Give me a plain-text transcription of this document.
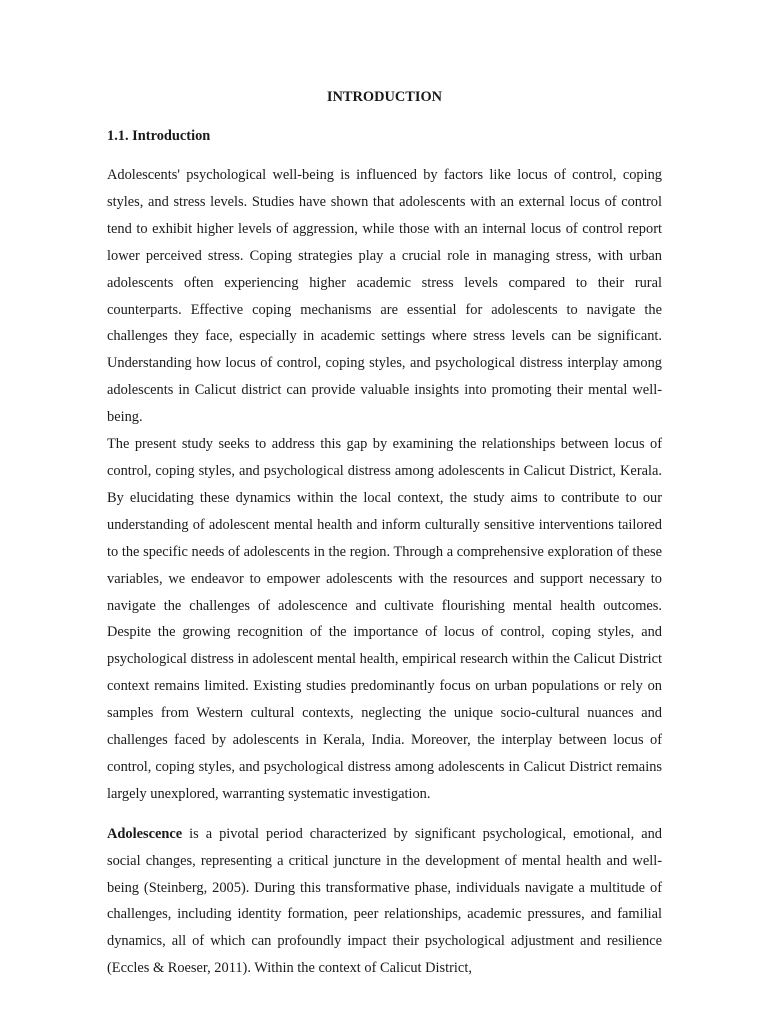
INTRODUCTION
1.1. Introduction

Adolescents' psychological well-being is influenced by factors like locus of control, coping styles, and stress levels. Studies have shown that adolescents with an external locus of control tend to exhibit higher levels of aggression, while those with an internal locus of control report lower perceived stress. Coping strategies play a crucial role in managing stress, with urban adolescents often experiencing higher academic stress levels compared to their rural counterparts. Effective coping mechanisms are essential for adolescents to navigate the challenges they face, especially in academic settings where stress levels can be significant. Understanding how locus of control, coping styles, and psychological distress interplay among adolescents in Calicut district can provide valuable insights into promoting their mental well-being.

The present study seeks to address this gap by examining the relationships between locus of control, coping styles, and psychological distress among adolescents in Calicut District, Kerala. By elucidating these dynamics within the local context, the study aims to contribute to our understanding of adolescent mental health and inform culturally sensitive interventions tailored to the specific needs of adolescents in the region. Through a comprehensive exploration of these variables, we endeavor to empower adolescents with the resources and support necessary to navigate the challenges of adolescence and cultivate flourishing mental health outcomes. Despite the growing recognition of the importance of locus of control, coping styles, and psychological distress in adolescent mental health, empirical research within the Calicut District context remains limited. Existing studies predominantly focus on urban populations or rely on samples from Western cultural contexts, neglecting the unique socio-cultural nuances and challenges faced by adolescents in Kerala, India. Moreover, the interplay between locus of control, coping styles, and psychological distress among adolescents in Calicut District remains largely unexplored, warranting systematic investigation.

Adolescence is a pivotal period characterized by significant psychological, emotional, and social changes, representing a critical juncture in the development of mental health and well-being (Steinberg, 2005). During this transformative phase, individuals navigate a multitude of challenges, including identity formation, peer relationships, academic pressures, and familial dynamics, all of which can profoundly impact their psychological adjustment and resilience (Eccles & Roeser, 2011). Within the context of Calicut District,
